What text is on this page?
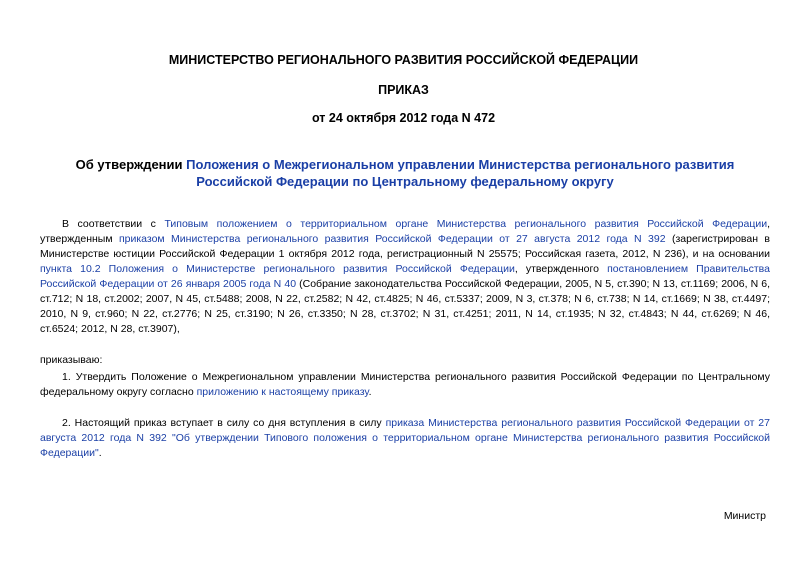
МИНИСТЕРСТВО РЕГИОНАЛЬНОГО РАЗВИТИЯ РОССИЙСКОЙ ФЕДЕРАЦИИ
ПРИКАЗ
от 24 октября 2012 года N 472
Об утверждении Положения о Межрегиональном управлении Министерства регионального развития Российской Федерации по Центральному федеральному округу
В соответствии с Типовым положением о территориальном органе Министерства регионального развития Российской Федерации, утвержденным приказом Министерства регионального развития Российской Федерации от 27 августа 2012 года N 392 (зарегистрирован в Министерстве юстиции Российской Федерации 1 октября 2012 года, регистрационный N 25575; Российская газета, 2012, N 236), и на основании пункта 10.2 Положения о Министерстве регионального развития Российской Федерации, утвержденного постановлением Правительства Российской Федерации от 26 января 2005 года N 40 (Собрание законодательства Российской Федерации, 2005, N 5, ст.390; N 13, ст.1169; 2006, N 6, ст.712; N 18, ст.2002; 2007, N 45, ст.5488; 2008, N 22, ст.2582; N 42, ст.4825; N 46, ст.5337; 2009, N 3, ст.378; N 6, ст.738; N 14, ст.1669; N 38, ст.4497; 2010, N 9, ст.960; N 22, ст.2776; N 25, ст.3190; N 26, ст.3350; N 28, ст.3702; N 31, ст.4251; 2011, N 14, ст.1935; N 32, ст.4843; N 44, ст.6269; N 46, ст.6524; 2012, N 28, ст.3907),
приказываю:
1. Утвердить Положение о Межрегиональном управлении Министерства регионального развития Российской Федерации по Центральному федеральному округу согласно приложению к настоящему приказу.
2. Настоящий приказ вступает в силу со дня вступления в силу приказа Министерства регионального развития Российской Федерации от 27 августа 2012 года N 392 "Об утверждении Типового положения о территориальном органе Министерства регионального развития Российской Федерации".
Министр
